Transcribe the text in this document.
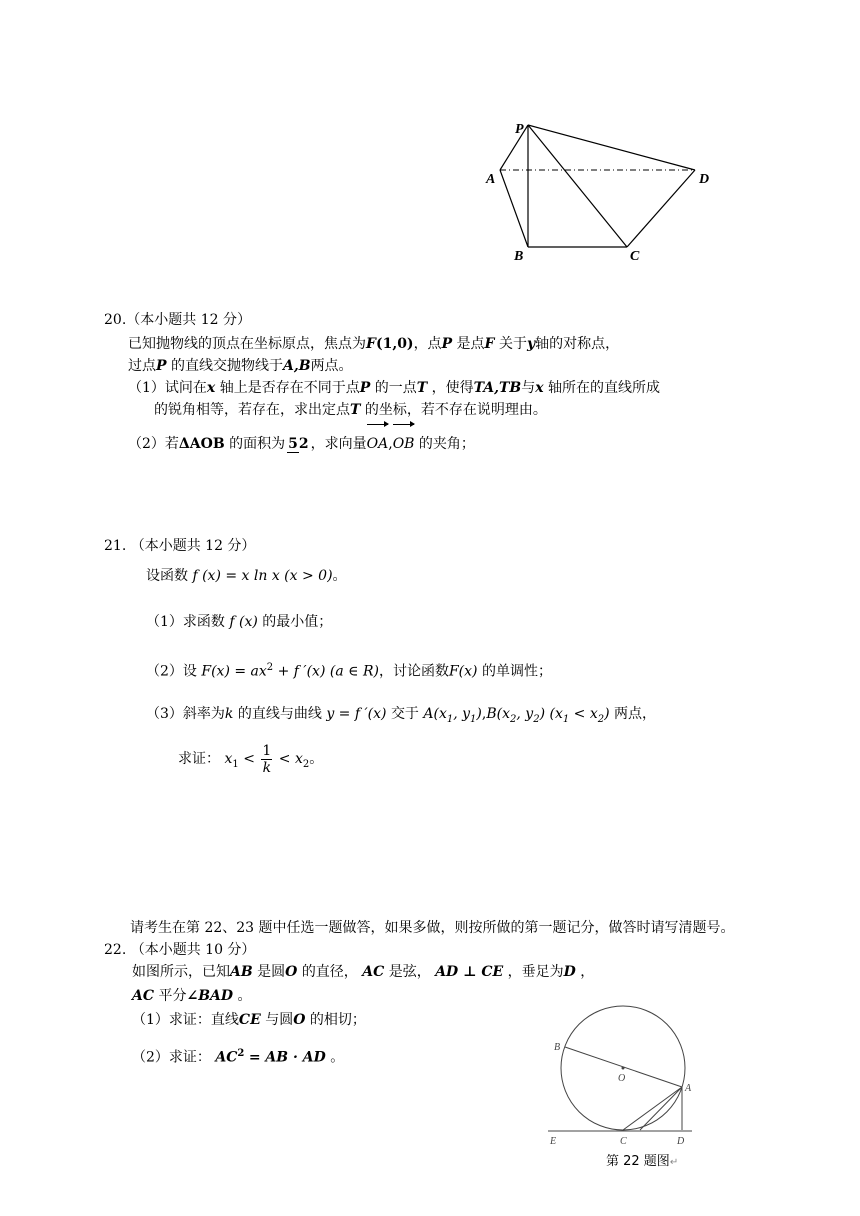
P
A	D
B	C
20.（本小题共 12 分）
已知抛物线的顶点在坐标原点，焦点为F(1,0)，点P 是点F 关于y轴的对称点，
过点P 的直线交抛物线于A,B两点。
（1）试问在x 轴上是否存在不同于点P 的一点T ，使得TA,TB与x 轴所在的直线所成
的锐角相等，若存在，求出定点T 的坐标，若不存在说明理由。
（2）若ΔAOB 的面积为 52 ，求向量OA,OB 的夹角；
21. （本小题共 12 分）
设函数 f (x) = x ln x (x > 0)。
（1）求函数 f (x) 的最小值；
（2）设 $F(x) = ax^2 + f$ ′(x) (a ∈ R)，讨论函数F(x) 的单调性；
（3）斜率为k 的直线与曲线 y = f ′(x) 交于 $A(x_1$, $y_1),B(x_2$, $y_2$) $(x_1 < x_2)$ 两点，
求证： $x_1 < \frac{1}{k} < x_2$。
请考生在第 22、23 题中任选一题做答，如果多做，则按所做的第一题记分，做答时请写清题号。
22. （本小题共 10 分）
如图所示，已知AB 是圆O 的直径， AC 是弦， AD ⊥ CE ，垂足为D ，
AC 平分∠BAD 。
（1）求证：直线CE 与圆O 的相切；
（2）求证： $AC^2$ = AB · AD 。
B
O
A
E	C	D
第 22 题图↵
